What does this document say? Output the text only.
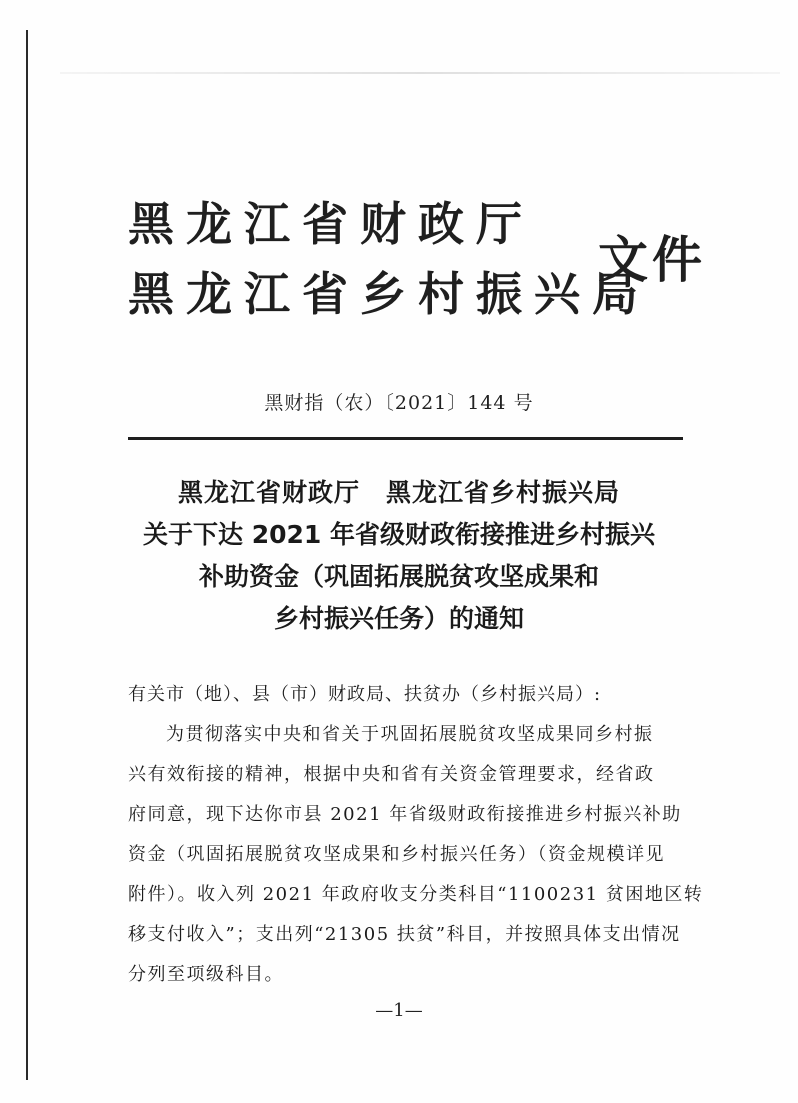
黑龙江省财政厅
黑龙江省乡村振兴局
文件
黑财指（农）〔2021〕144 号
黑龙江省财政厅　黑龙江省乡村振兴局
关于下达 2021 年省级财政衔接推进乡村振兴
补助资金（巩固拓展脱贫攻坚成果和
乡村振兴任务）的通知
有关市（地）、县（市）财政局、扶贫办（乡村振兴局）:
为贯彻落实中央和省关于巩固拓展脱贫攻坚成果同乡村振
兴有效衔接的精神，根据中央和省有关资金管理要求，经省政
府同意，现下达你市县 2021 年省级财政衔接推进乡村振兴补助
资金（巩固拓展脱贫攻坚成果和乡村振兴任务）（资金规模详见
附件）。收入列 2021 年政府收支分类科目“1100231 贫困地区转
移支付收入”；支出列“21305 扶贫”科目，并按照具体支出情况
分列至项级科目。
—1—
